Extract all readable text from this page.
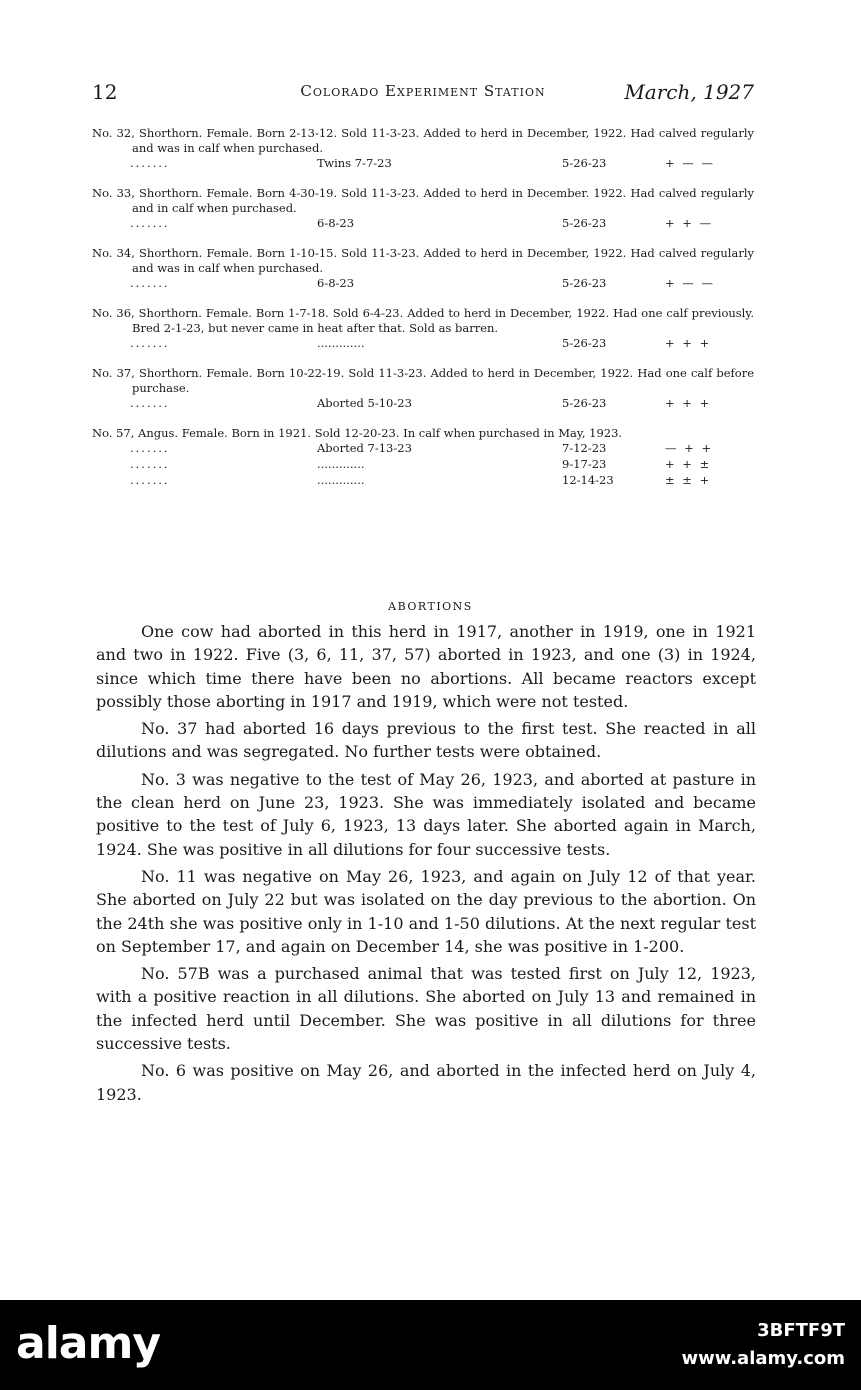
12	Colorado Experiment Station	March, 1927

No. 32, Shorthorn. Female. Born 2-13-12. Sold 11-3-23. Added to herd in December, 1922. Had calved regularly and was in calf when purchased.

.......	Twins 7-7-23	5-26-23	+ — —

No. 33, Shorthorn. Female. Born 4-30-19. Sold 11-3-23. Added to herd in December. 1922. Had calved regularly and in calf when purchased.

.......	6-8-23	5-26-23	+ + —

No. 34, Shorthorn. Female. Born 1-10-15. Sold 11-3-23. Added to herd in December, 1922. Had calved regularly and was in calf when purchased.

.......	6-8-23	5-26-23	+ — —

No. 36, Shorthorn. Female. Born 1-7-18. Sold 6-4-23. Added to herd in December, 1922. Had one calf previously. Bred 2-1-23, but never came in heat after that. Sold as barren.

.......	.............	5-26-23	+ + +

No. 37, Shorthorn. Female. Born 10-22-19. Sold 11-3-23. Added to herd in December, 1922. Had one calf before purchase.

.......	Aborted 5-10-23	5-26-23	+ + +

No. 57, Angus. Female. Born in 1921. Sold 12-20-23. In calf when purchased in May, 1923.

.......	Aborted 7-13-23	7-12-23	— + +
.......	.............	9-17-23	+ + ±
.......	.............	12-14-23	± ± +
ABORTIONS

One cow had aborted in this herd in 1917, another in 1919, one in 1921 and two in 1922. Five (3, 6, 11, 37, 57) aborted in 1923, and one (3) in 1924, since which time there have been no abortions. All became reactors except possibly those aborting in 1917 and 1919, which were not tested.

No. 37 had aborted 16 days previous to the first test. She reacted in all dilutions and was segregated. No further tests were obtained.

No. 3 was negative to the test of May 26, 1923, and aborted at pasture in the clean herd on June 23, 1923. She was immediately isolated and became positive to the test of July 6, 1923, 13 days later. She aborted again in March, 1924. She was positive in all dilutions for four successive tests.

No. 11 was negative on May 26, 1923, and again on July 12 of that year. She aborted on July 22 but was isolated on the day previous to the abortion. On the 24th she was positive only in 1-10 and 1-50 dilutions. At the next regular test on September 17, and again on December 14, she was positive in 1-200.

No. 57B was a purchased animal that was tested first on July 12, 1923, with a positive reaction in all dilutions. She aborted on July 13 and remained in the infected herd until December. She was positive in all dilutions for three successive tests.

No. 6 was positive on May 26, and aborted in the infected herd on July 4, 1923.

alamy	3BFTF9T
www.alamy.com
